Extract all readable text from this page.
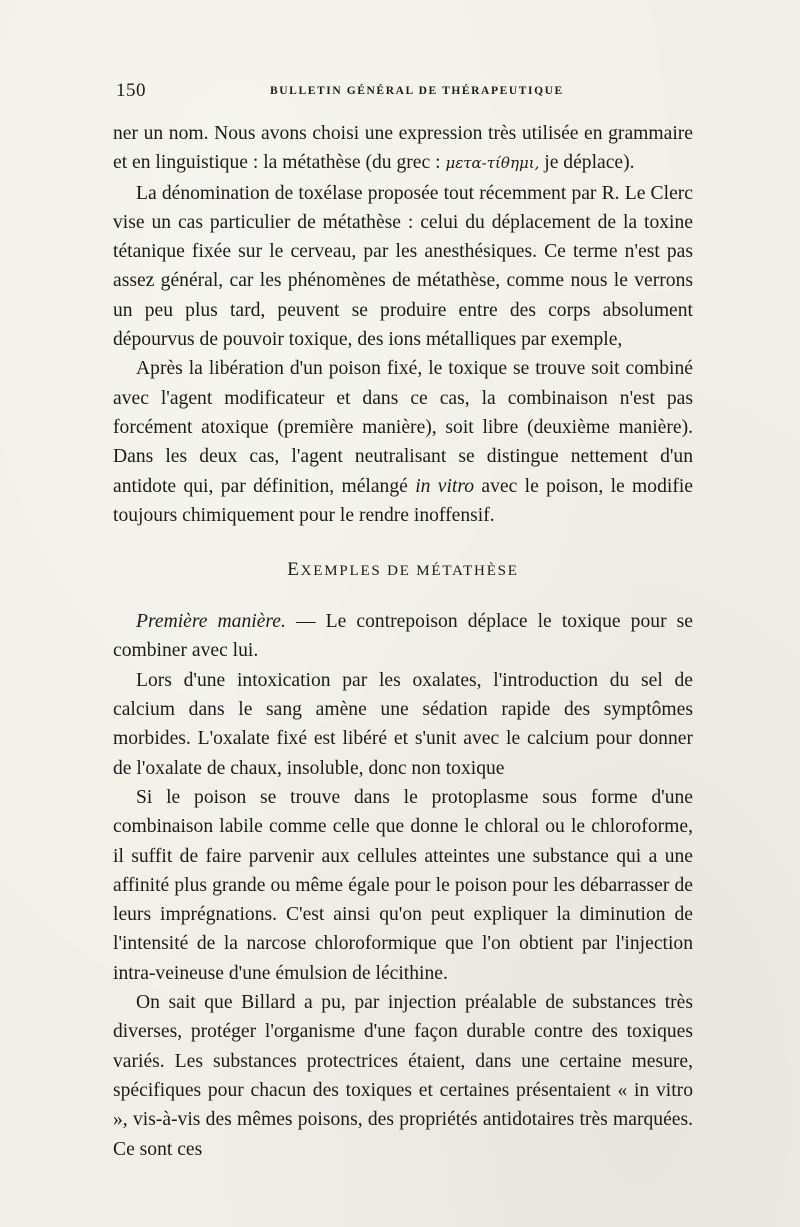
150	BULLETIN GÉNÉRAL DE THÉRAPEUTIQUE

ner un nom. Nous avons choisi une expression très utilisée en grammaire et en linguistique : la métathèse (du grec : μετα-τίθημι, je déplace).

La dénomination de toxélase proposée tout récemment par R. Le Clerc vise un cas particulier de métathèse : celui du déplacement de la toxine tétanique fixée sur le cerveau, par les anesthésiques. Ce terme n'est pas assez général, car les phénomènes de métathèse, comme nous le verrons un peu plus tard, peuvent se produire entre des corps absolument dépourvus de pouvoir toxique, des ions métalliques par exemple,

Après la libération d'un poison fixé, le toxique se trouve soit combiné avec l'agent modificateur et dans ce cas, la combinaison n'est pas forcément atoxique (première manière), soit libre (deuxième manière). Dans les deux cas, l'agent neutralisant se distingue nettement d'un antidote qui, par définition, mélangé in vitro avec le poison, le modifie toujours chimiquement pour le rendre inoffensif.

EXEMPLES DE MÉTATHÈSE

Première manière. — Le contrepoison déplace le toxique pour se combiner avec lui.

Lors d'une intoxication par les oxalates, l'introduction du sel de calcium dans le sang amène une sédation rapide des symptômes morbides. L'oxalate fixé est libéré et s'unit avec le calcium pour donner de l'oxalate de chaux, insoluble, donc non toxique

Si le poison se trouve dans le protoplasme sous forme d'une combinaison labile comme celle que donne le chloral ou le chloroforme, il suffit de faire parvenir aux cellules atteintes une substance qui a une affinité plus grande ou même égale pour le poison pour les débarrasser de leurs imprégnations. C'est ainsi qu'on peut expliquer la diminution de l'intensité de la narcose chloroformique que l'on obtient par l'injection intra-veineuse d'une émulsion de lécithine.

On sait que Billard a pu, par injection préalable de substances très diverses, protéger l'organisme d'une façon durable contre des toxiques variés. Les substances protectrices étaient, dans une certaine mesure, spécifiques pour chacun des toxiques et certaines présentaient « in vitro », vis-à-vis des mêmes poisons, des propriétés antidotaires très marquées. Ce sont ces
